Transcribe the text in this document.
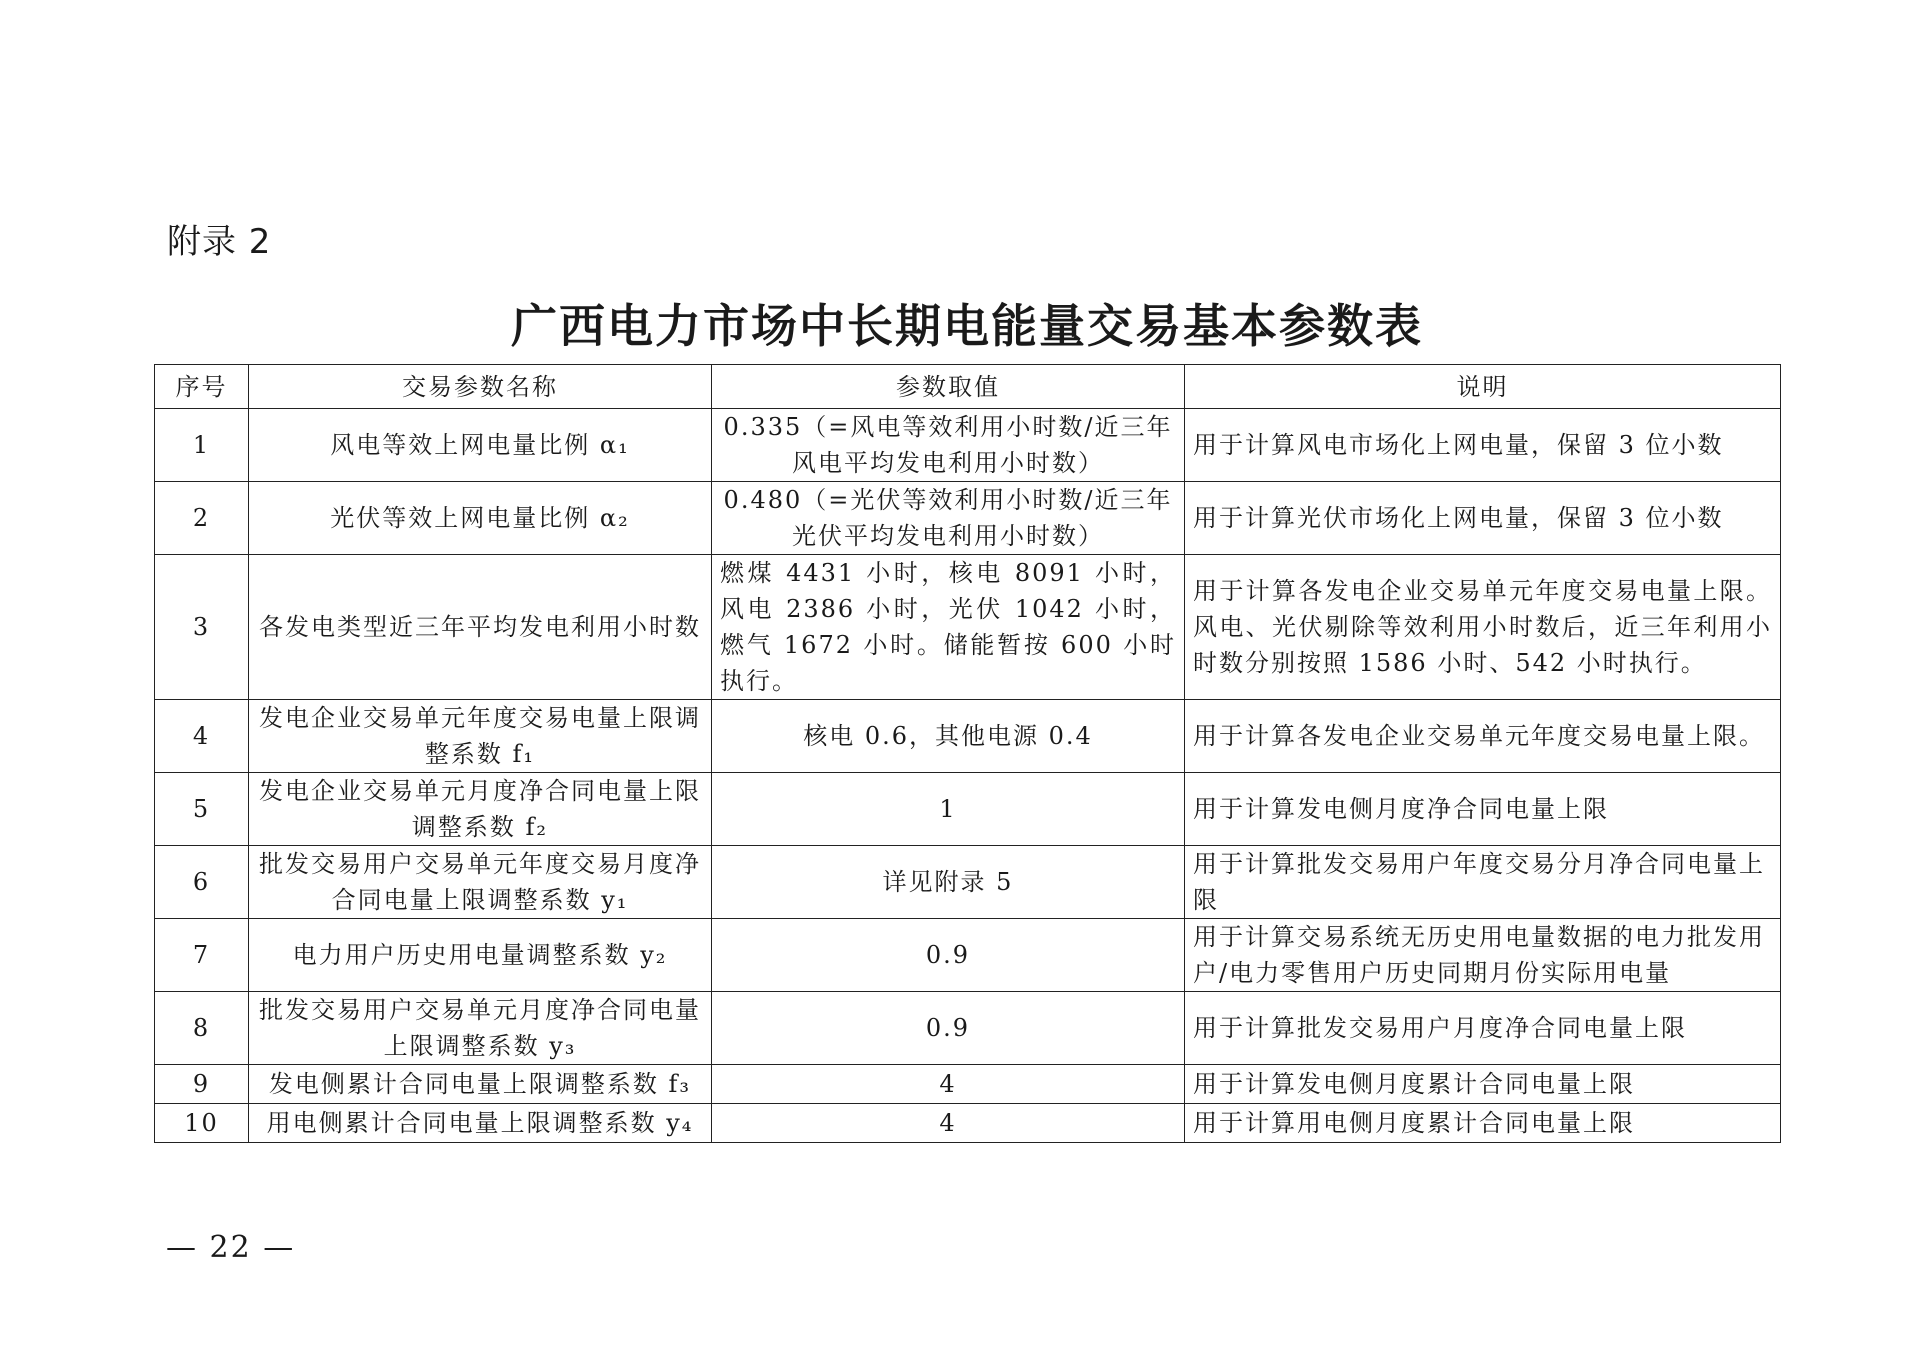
附录 2
广西电力市场中长期电能量交易基本参数表
序号	交易参数名称	参数取值	说明
1	风电等效上网电量比例 α₁	0.335（=风电等效利用小时数/近三年风电平均发电利用小时数）	用于计算风电市场化上网电量，保留 3 位小数
2	光伏等效上网电量比例 α₂	0.480（=光伏等效利用小时数/近三年光伏平均发电利用小时数）	用于计算光伏市场化上网电量，保留 3 位小数
3	各发电类型近三年平均发电利用小时数	燃煤 4431 小时，核电 8091 小时，风电 2386 小时，光伏 1042 小时，燃气 1672 小时。储能暂按 600 小时执行。	用于计算各发电企业交易单元年度交易电量上限。风电、光伏剔除等效利用小时数后，近三年利用小时数分别按照 1586 小时、542 小时执行。
4	发电企业交易单元年度交易电量上限调整系数 f₁	核电 0.6，其他电源 0.4	用于计算各发电企业交易单元年度交易电量上限。
5	发电企业交易单元月度净合同电量上限调整系数 f₂	1	用于计算发电侧月度净合同电量上限
6	批发交易用户交易单元年度交易月度净合同电量上限调整系数 y₁	详见附录 5	用于计算批发交易用户年度交易分月净合同电量上限
7	电力用户历史用电量调整系数 y₂	0.9	用于计算交易系统无历史用电量数据的电力批发用户/电力零售用户历史同期月份实际用电量
8	批发交易用户交易单元月度净合同电量上限调整系数 y₃	0.9	用于计算批发交易用户月度净合同电量上限
9	发电侧累计合同电量上限调整系数 f₃	4	用于计算发电侧月度累计合同电量上限
10	用电侧累计合同电量上限调整系数 y₄	4	用于计算用电侧月度累计合同电量上限
— 22 —
